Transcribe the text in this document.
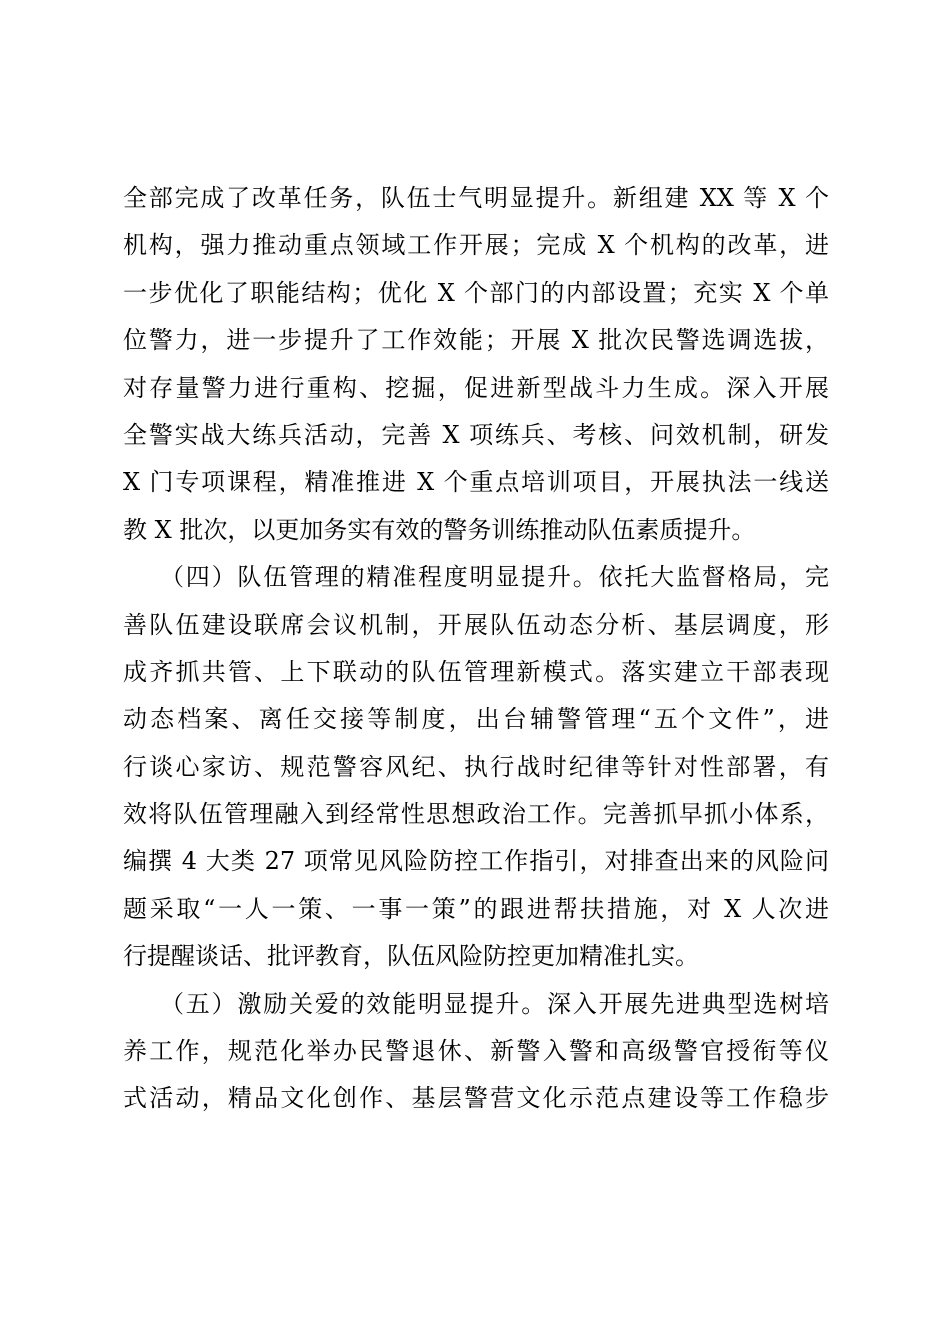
全部完成了改革任务，队伍士气明显提升。新组建 XX 等 X 个
机构，强力推动重点领域工作开展；完成 X 个机构的改革，进
一步优化了职能结构；优化 X 个部门的内部设置；充实 X 个单
位警力，进一步提升了工作效能；开展 X 批次民警选调选拔，
对存量警力进行重构、挖掘，促进新型战斗力生成。深入开展
全警实战大练兵活动，完善 X 项练兵、考核、问效机制，研发
X 门专项课程，精准推进 X 个重点培训项目，开展执法一线送
教 X 批次，以更加务实有效的警务训练推动队伍素质提升。
（四）队伍管理的精准程度明显提升。依托大监督格局，完
善队伍建设联席会议机制，开展队伍动态分析、基层调度，形
成齐抓共管、上下联动的队伍管理新模式。落实建立干部表现
动态档案、离任交接等制度，出台辅警管理“五个文件”，进
行谈心家访、规范警容风纪、执行战时纪律等针对性部署，有
效将队伍管理融入到经常性思想政治工作。完善抓早抓小体系，
编撰 4 大类 27 项常见风险防控工作指引，对排查出来的风险问
题采取“一人一策、一事一策”的跟进帮扶措施，对 X 人次进
行提醒谈话、批评教育，队伍风险防控更加精准扎实。
（五）激励关爱的效能明显提升。深入开展先进典型选树培
养工作，规范化举办民警退休、新警入警和高级警官授衔等仪
式活动，精品文化创作、基层警营文化示范点建设等工作稳步
